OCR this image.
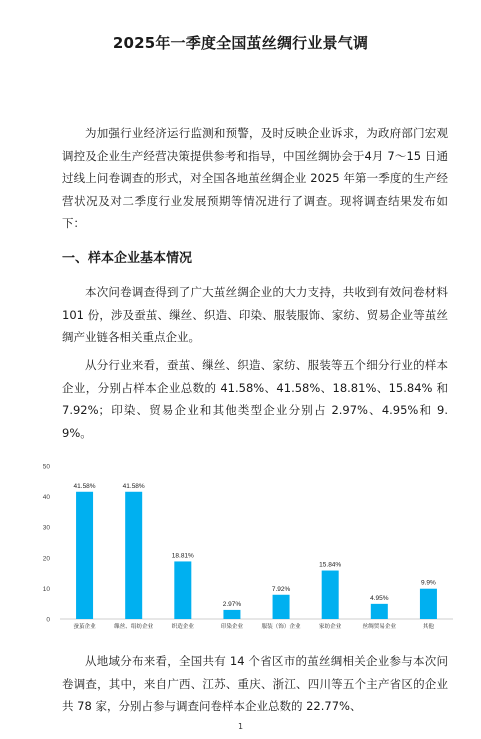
2025年一季度全国茧丝绸行业景气调

为加强行业经济运行监测和预警，及时反映企业诉求，为政府部门宏观调控及企业生产经营决策提供参考和指导，中国丝绸协会于4月 7～15 日通过线上问卷调查的形式，对全国各地茧丝绸企业 2025 年第一季度的生产经营状况及对二季度行业发展预期等情况进行了调查。现将调查结果发布如下：

一、样本企业基本情况

本次问卷调查得到了广大茧丝绸企业的大力支持，共收到有效问卷材料 101 份，涉及蚕茧、缫丝、织造、印染、服装服饰、家纺、贸易企业等茧丝绸产业链各相关重点企业。

从分行业来看，蚕茧、缫丝、织造、家纺、服装等五个细分行业的样本企业，分别占样本企业总数的 41.58%、41.58%、18.81%、15.84% 和 7.92%；印染、贸易企业和其他类型企业分别占 2.97%、4.95%和 9.9%。

0
10
20
30
40
50
41.58%
蚕茧企业
41.58%
缫丝、绢纺企业
18.81%
织造企业
2.97%
印染企业
7.92%
服装（饰）企业
15.84%
家纺企业
4.95%
丝绸贸易企业
9.9%
其他

从地域分布来看，全国共有 14 个省区市的茧丝绸相关企业参与本次问卷调查，其中，来自广西、江苏、重庆、浙江、四川等五个主产省区的企业共 78 家，分别占参与调查问卷样本企业总数的 22.77%、

1
